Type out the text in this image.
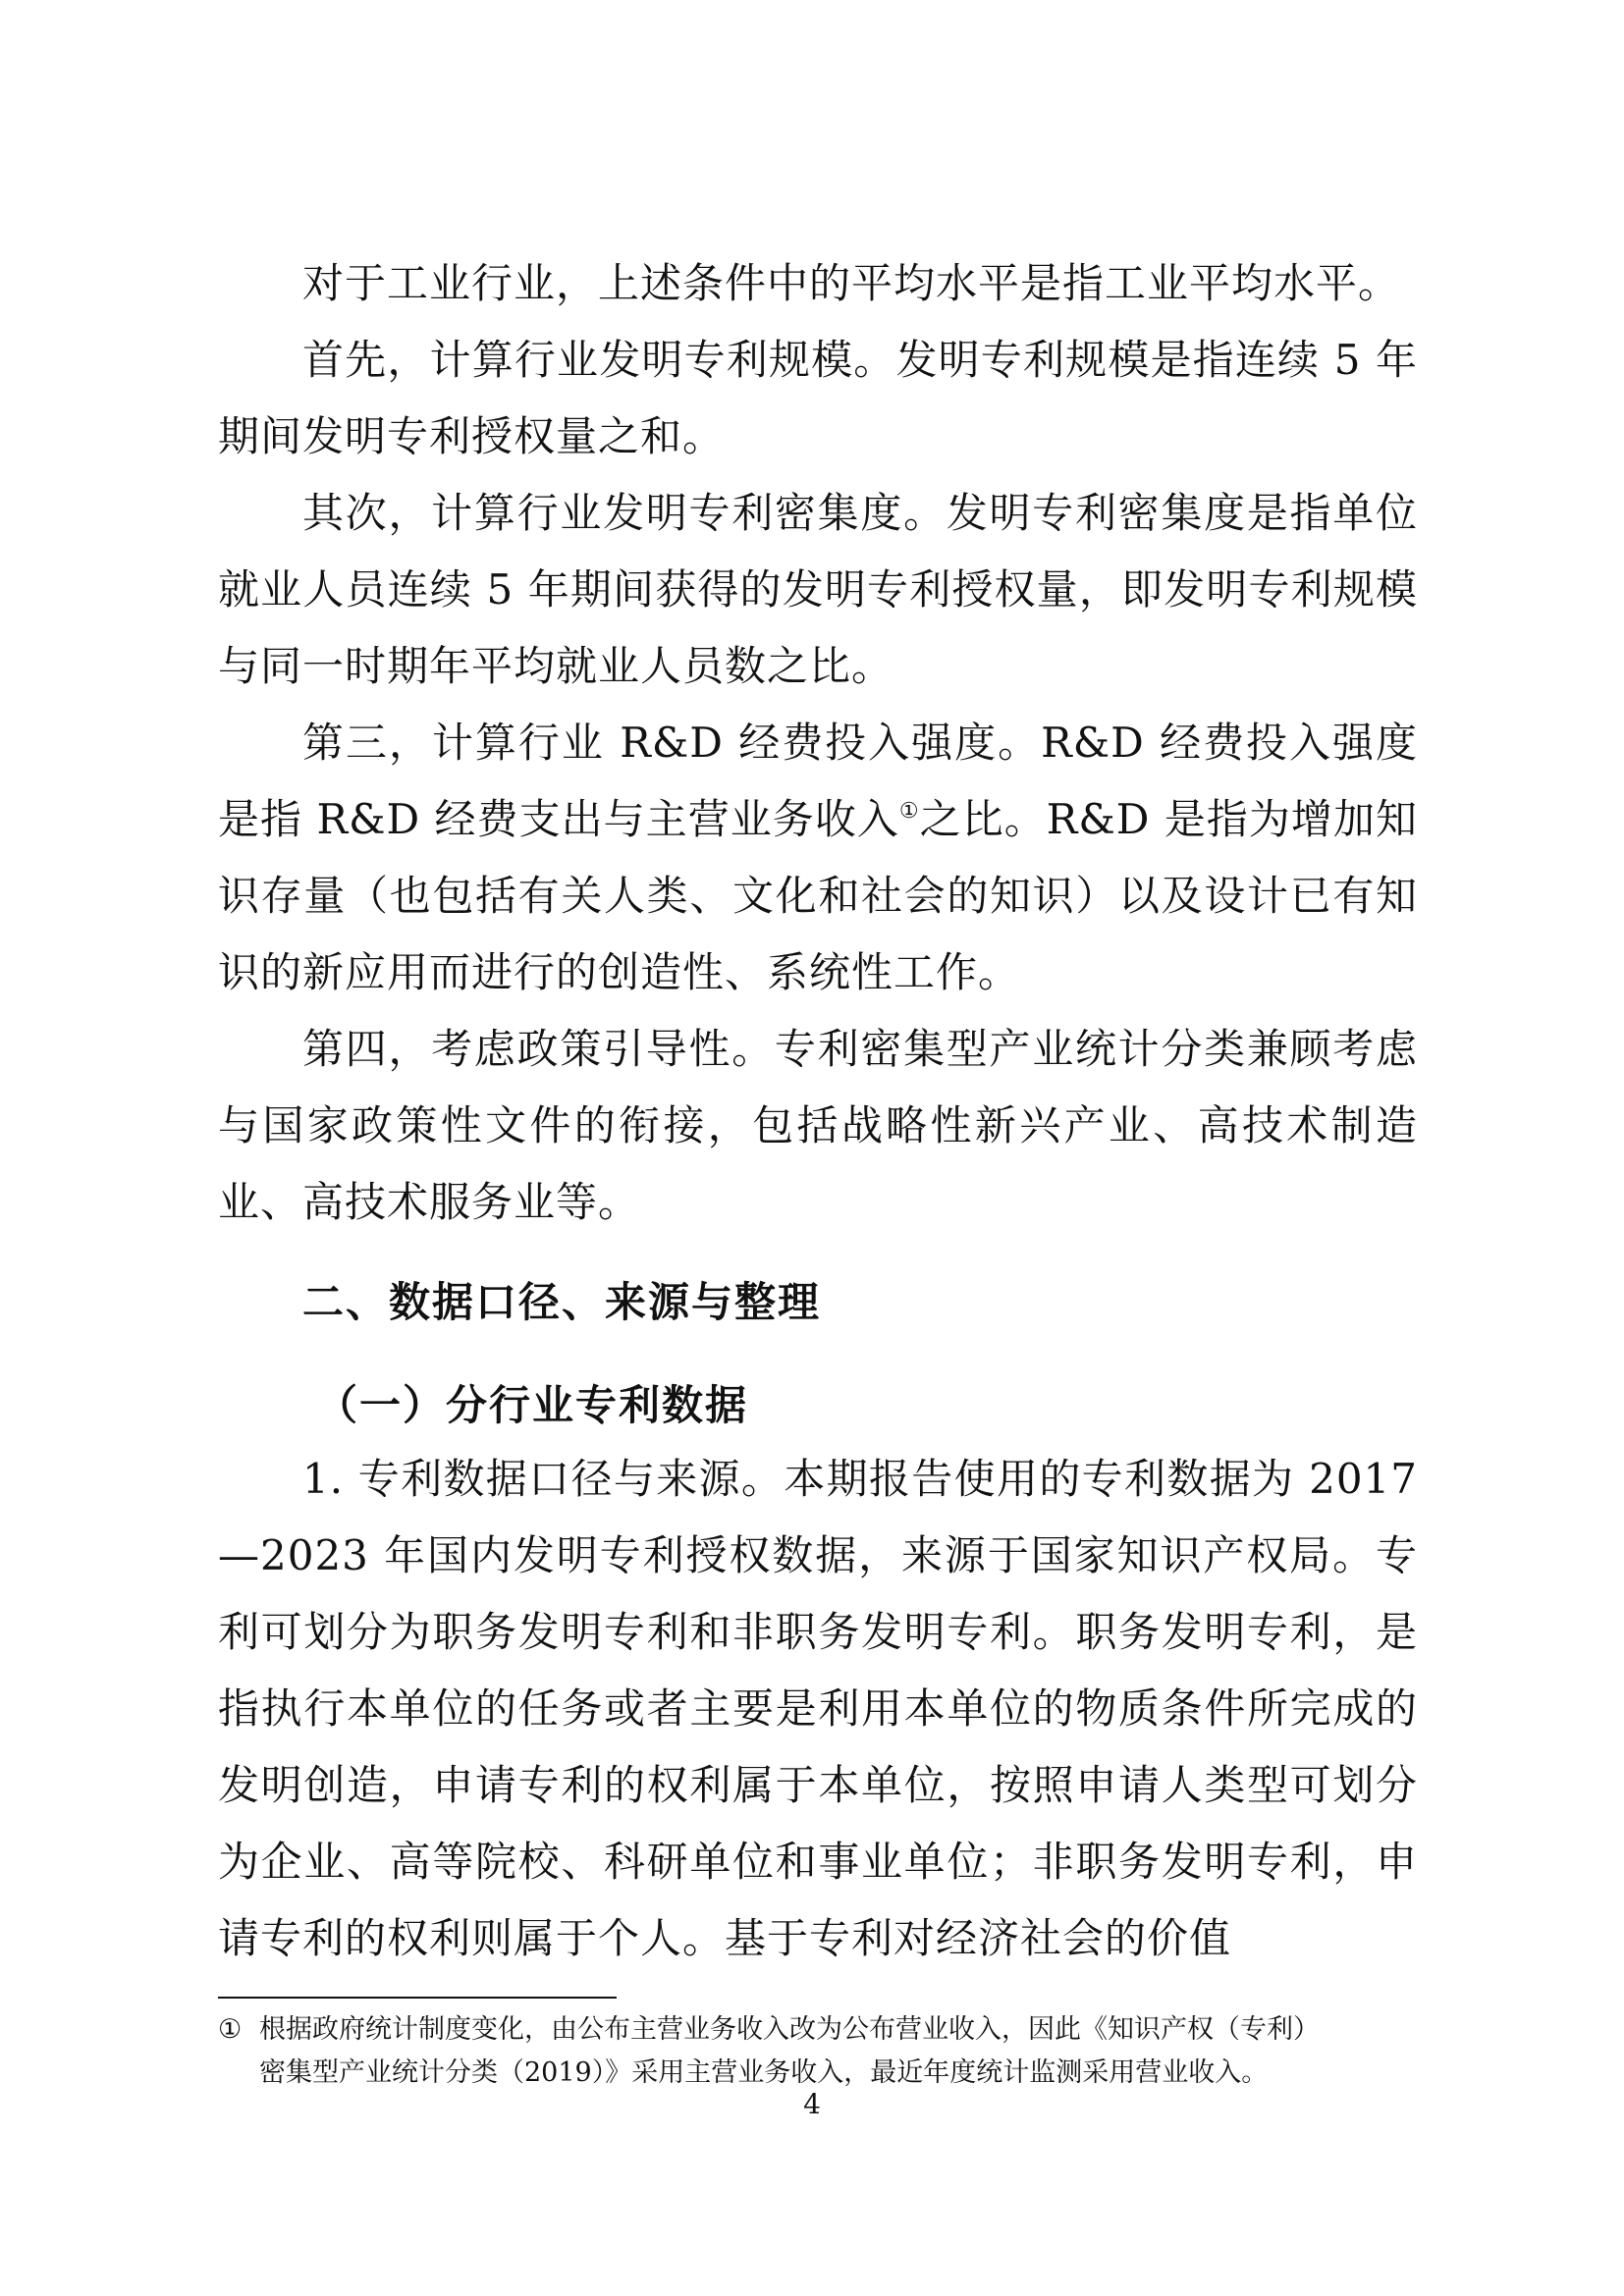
对于工业行业，上述条件中的平均水平是指工业平均水平。

首先，计算行业发明专利规模。发明专利规模是指连续 5 年期间发明专利授权量之和。

其次，计算行业发明专利密集度。发明专利密集度是指单位就业人员连续 5 年期间获得的发明专利授权量，即发明专利规模与同一时期年平均就业人员数之比。

第三，计算行业 R&D 经费投入强度。R&D 经费投入强度是指 R&D 经费支出与主营业务收入①之比。R&D 是指为增加知识存量（也包括有关人类、文化和社会的知识）以及设计已有知识的新应用而进行的创造性、系统性工作。

第四，考虑政策引导性。专利密集型产业统计分类兼顾考虑与国家政策性文件的衔接，包括战略性新兴产业、高技术制造业、高技术服务业等。

二、数据口径、来源与整理
（一）分行业专利数据

1. 专利数据口径与来源。本期报告使用的专利数据为 2017—2023 年国内发明专利授权数据，来源于国家知识产权局。专利可划分为职务发明专利和非职务发明专利。职务发明专利，是指执行本单位的任务或者主要是利用本单位的物质条件所完成的发明创造，申请专利的权利属于本单位，按照申请人类型可划分为企业、高等院校、科研单位和事业单位；非职务发明专利，申请专利的权利则属于个人。基于专利对经济社会的价值

① 根据政府统计制度变化，由公布主营业务收入改为公布营业收入，因此《知识产权（专利）
密集型产业统计分类（2019）》采用主营业务收入，最近年度统计监测采用营业收入。
4
